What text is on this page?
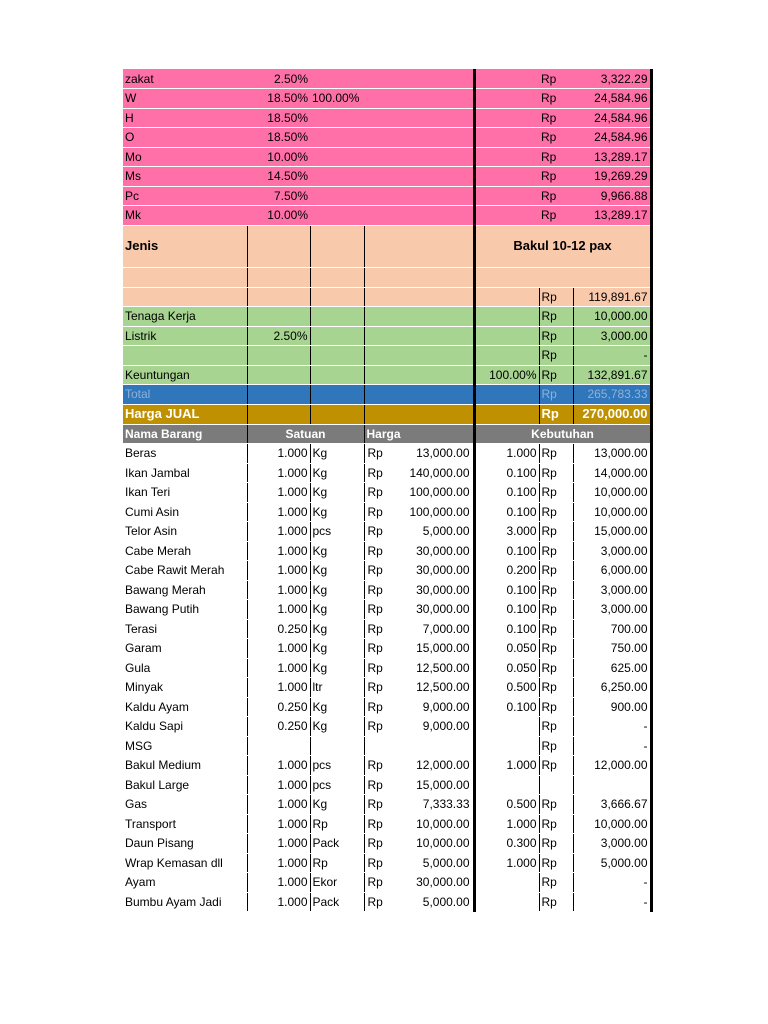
zakat	2.50%				Rp	3,322.29
W	18.50%	100.00%			Rp	24,584.96
H	18.50%				Rp	24,584.96
O	18.50%				Rp	24,584.96
Mo	10.00%				Rp	13,289.17
Ms	14.50%				Rp	19,269.29
Pc	7.50%				Rp	9,966.88
Mk	10.00%				Rp	13,289.17
Jenis				Bakul 10-12 pax		

					Rp	119,891.67
Tenaga Kerja					Rp	10,000.00
Listrik	2.50%				Rp	3,000.00
					Rp	-
Keuntungan				100.00%	Rp	132,891.67
Total					Rp	265,783.33
Harga JUAL					Rp	270,000.00
Nama Barang	Satuan		Harga	Kebutuhan		
Beras	1.000	Kg	Rp 13,000.00	1.000	Rp	13,000.00
Ikan Jambal	1.000	Kg	Rp 140,000.00	0.100	Rp	14,000.00
Ikan Teri	1.000	Kg	Rp 100,000.00	0.100	Rp	10,000.00
Cumi Asin	1.000	Kg	Rp 100,000.00	0.100	Rp	10,000.00
Telor Asin	1.000	pcs	Rp 5,000.00	3.000	Rp	15,000.00
Cabe Merah	1.000	Kg	Rp 30,000.00	0.100	Rp	3,000.00
Cabe Rawit Merah	1.000	Kg	Rp 30,000.00	0.200	Rp	6,000.00
Bawang Merah	1.000	Kg	Rp 30,000.00	0.100	Rp	3,000.00
Bawang Putih	1.000	Kg	Rp 30,000.00	0.100	Rp	3,000.00
Terasi	0.250	Kg	Rp 7,000.00	0.100	Rp	700.00
Garam	1.000	Kg	Rp 15,000.00	0.050	Rp	750.00
Gula	1.000	Kg	Rp 12,500.00	0.050	Rp	625.00
Minyak	1.000	ltr	Rp 12,500.00	0.500	Rp	6,250.00
Kaldu Ayam	0.250	Kg	Rp 9,000.00	0.100	Rp	900.00
Kaldu Sapi	0.250	Kg	Rp 9,000.00		Rp	-
MSG					Rp	-
Bakul Medium	1.000	pcs	Rp 12,000.00	1.000	Rp	12,000.00
Bakul Large	1.000	pcs	Rp 15,000.00			

Gas	1.000	Kg	Rp 7,333.33	0.500	Rp	3,666.67
Transport	1.000	Rp	Rp 10,000.00	1.000	Rp	10,000.00
Daun Pisang	1.000	Pack	Rp 10,000.00	0.300	Rp	3,000.00
Wrap Kemasan dll	1.000	Rp	Rp 5,000.00	1.000	Rp	5,000.00
Ayam	1.000	Ekor	Rp 30,000.00		Rp	-
Bumbu Ayam Jadi	1.000	Pack	Rp 5,000.00		Rp	-
